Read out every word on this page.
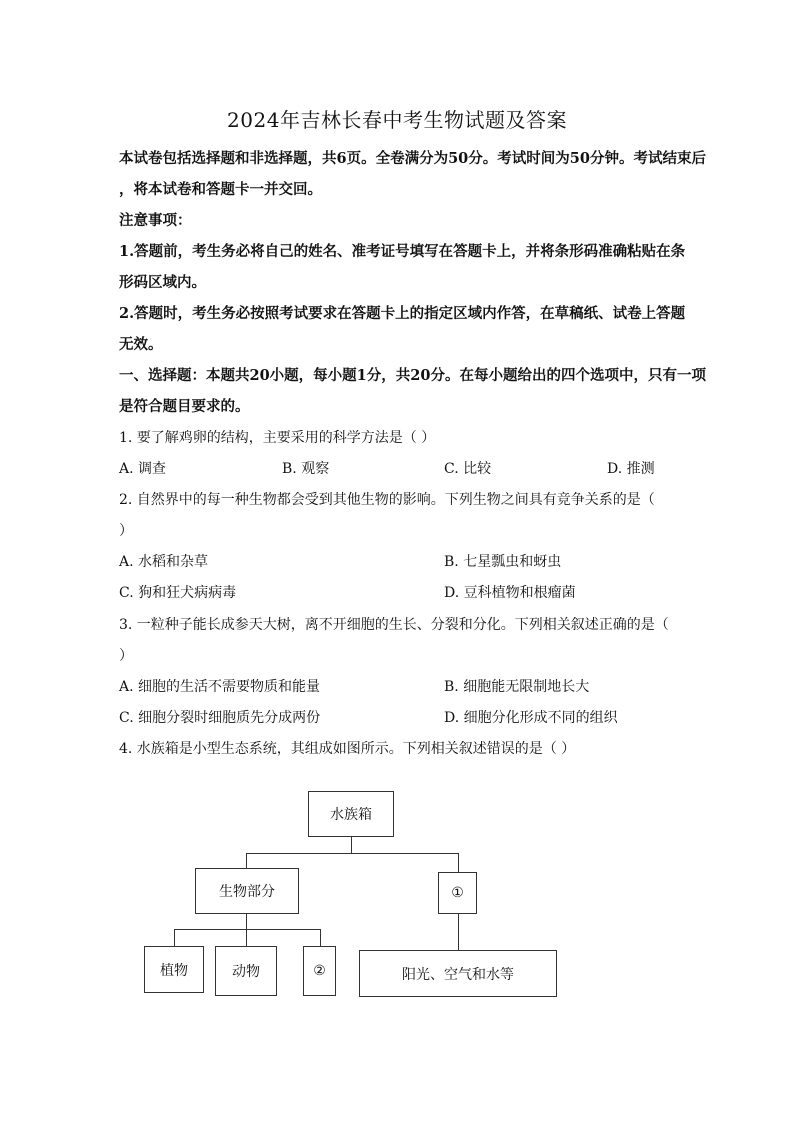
2024年吉林长春中考生物试题及答案
本试卷包括选择题和非选择题，共6页。全卷满分为50分。考试时间为50分钟。考试结束后
，将本试卷和答题卡一并交回。
注意事项：
1.答题前，考生务必将自己的姓名、准考证号填写在答题卡上，并将条形码准确粘贴在条
形码区域内。
2.答题时，考生务必按照考试要求在答题卡上的指定区域内作答，在草稿纸、试卷上答题
无效。
一、选择题：本题共20小题，每小题1分，共20分。在每小题给出的四个选项中，只有一项
是符合题目要求的。
1. 要了解鸡卵的结构，主要采用的科学方法是（ ）
A. 调查	B. 观察	C. 比较	D. 推测
2. 自然界中的每一种生物都会受到其他生物的影响。下列生物之间具有竞争关系的是（
）
A. 水稻和杂草	B. 七星瓢虫和蚜虫
C. 狗和狂犬病病毒	D. 豆科植物和根瘤菌
3. 一粒种子能长成参天大树，离不开细胞的生长、分裂和分化。下列相关叙述正确的是（
）
A. 细胞的生活不需要物质和能量	B. 细胞能无限制地长大
C. 细胞分裂时细胞质先分成两份	D. 细胞分化形成不同的组织
4. 水族箱是小型生态系统，其组成如图所示。下列相关叙述错误的是（ ）
水族箱
生物部分	①
植物	动物	②	阳光、空气和水等
